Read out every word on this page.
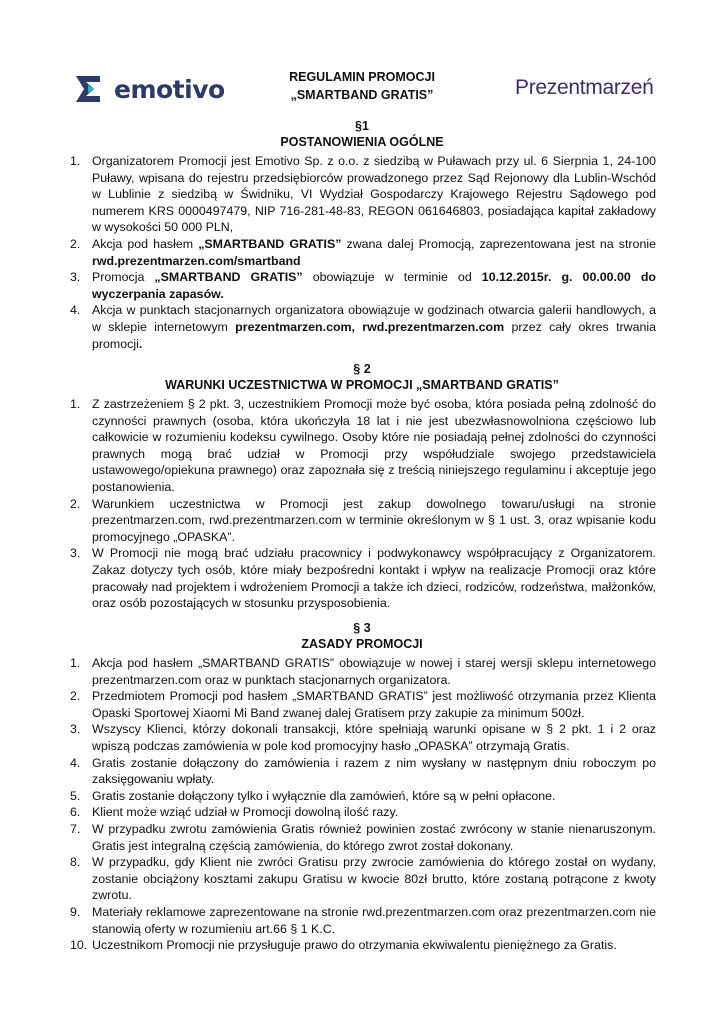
emotivo	REGULAMIN PROMOCJI
„SMARTBAND GRATIS”	Prezentmarzeń
§1
POSTANOWIENIA OGÓLNE
1. Organizatorem Promocji jest Emotivo Sp. z o.o. z siedzibą w Puławach przy ul. 6 Sierpnia 1, 24-100 Puławy, wpisana do rejestru przedsiębiorców prowadzonego przez Sąd Rejonowy dla Lublin-Wschód w Lublinie z siedzibą w Świdniku, VI Wydział Gospodarczy Krajowego Rejestru Sądowego pod numerem KRS 0000497479, NIP 716-281-48-83, REGON 061646803, posiadająca kapitał zakładowy w wysokości 50 000 PLN,
2. Akcja pod hasłem „SMARTBAND GRATIS” zwana dalej Promocją, zaprezentowana jest na stronie rwd.prezentmarzen.com/smartband
3. Promocja „SMARTBAND GRATIS” obowiązuje w terminie od 10.12.2015r. g. 00.00.00 do wyczerpania zapasów.
4. Akcja w punktach stacjonarnych organizatora obowiązuje w godzinach otwarcia galerii handlowych, a w sklepie internetowym prezentmarzen.com, rwd.prezentmarzen.com przez cały okres trwania promocji.
§ 2
WARUNKI UCZESTNICTWA W PROMOCJI „SMARTBAND GRATIS”
1. Z zastrzeżeniem § 2 pkt. 3, uczestnikiem Promocji może być osoba, która posiada pełną zdolność do czynności prawnych (osoba, która ukończyła 18 lat i nie jest ubezwłasnowolniona częściowo lub całkowicie w rozumieniu kodeksu cywilnego. Osoby które nie posiadają pełnej zdolności do czynności prawnych mogą brać udział w Promocji przy współudziale swojego przedstawiciela ustawowego/opiekuna prawnego) oraz zapoznała się z treścią niniejszego regulaminu i akceptuje jego postanowienia.
2. Warunkiem uczestnictwa w Promocji jest zakup dowolnego towaru/usługi na stronie prezentmarzen.com, rwd.prezentmarzen.com w terminie określonym w § 1 ust. 3, oraz wpisanie kodu promocyjnego „OPASKA”.
3. W Promocji nie mogą brać udziału pracownicy i podwykonawcy współpracujący z Organizatorem. Zakaz dotyczy tych osób, które miały bezpośredni kontakt i wpływ na realizacje Promocji oraz które pracowały nad projektem i wdrożeniem Promocji a także ich dzieci, rodziców, rodzeństwa, małżonków, oraz osób pozostających w stosunku przysposobienia.
§ 3
ZASADY PROMOCJI
1. Akcja pod hasłem „SMARTBAND GRATIS” obowiązuje w nowej i starej wersji sklepu internetowego prezentmarzen.com oraz w punktach stacjonarnych organizatora.
2. Przedmiotem Promocji pod hasłem „SMARTBAND GRATIS” jest możliwość otrzymania przez Klienta Opaski Sportowej Xiaomi Mi Band zwanej dalej Gratisem przy zakupie za minimum 500zł.
3. Wszyscy Klienci, którzy dokonali transakcji, które spełniają warunki opisane w § 2 pkt. 1 i 2 oraz wpiszą podczas zamówienia w pole kod promocyjny hasło „OPASKA” otrzymają Gratis.
4. Gratis zostanie dołączony do zamówienia i razem z nim wysłany w następnym dniu roboczym po zaksięgowaniu wpłaty.
5. Gratis zostanie dołączony tylko i wyłącznie dla zamówień, które są w pełni opłacone.
6. Klient może wziąć udział w Promocji dowolną ilość razy.
7. W przypadku zwrotu zamówienia Gratis również powinien zostać zwrócony w stanie nienaruszonym. Gratis jest integralną częścią zamówienia, do którego zwrot został dokonany.
8. W przypadku, gdy Klient nie zwróci Gratisu przy zwrocie zamówienia do którego został on wydany, zostanie obciążony kosztami zakupu Gratisu w kwocie 80zł brutto, które zostaną potrącone z kwoty zwrotu.
9. Materiały reklamowe zaprezentowane na stronie rwd.prezentmarzen.com oraz prezentmarzen.com nie stanowią oferty w rozumieniu art.66 § 1 K.C.
10. Uczestnikom Promocji nie przysługuje prawo do otrzymania ekwiwalentu pieniężnego za Gratis.
